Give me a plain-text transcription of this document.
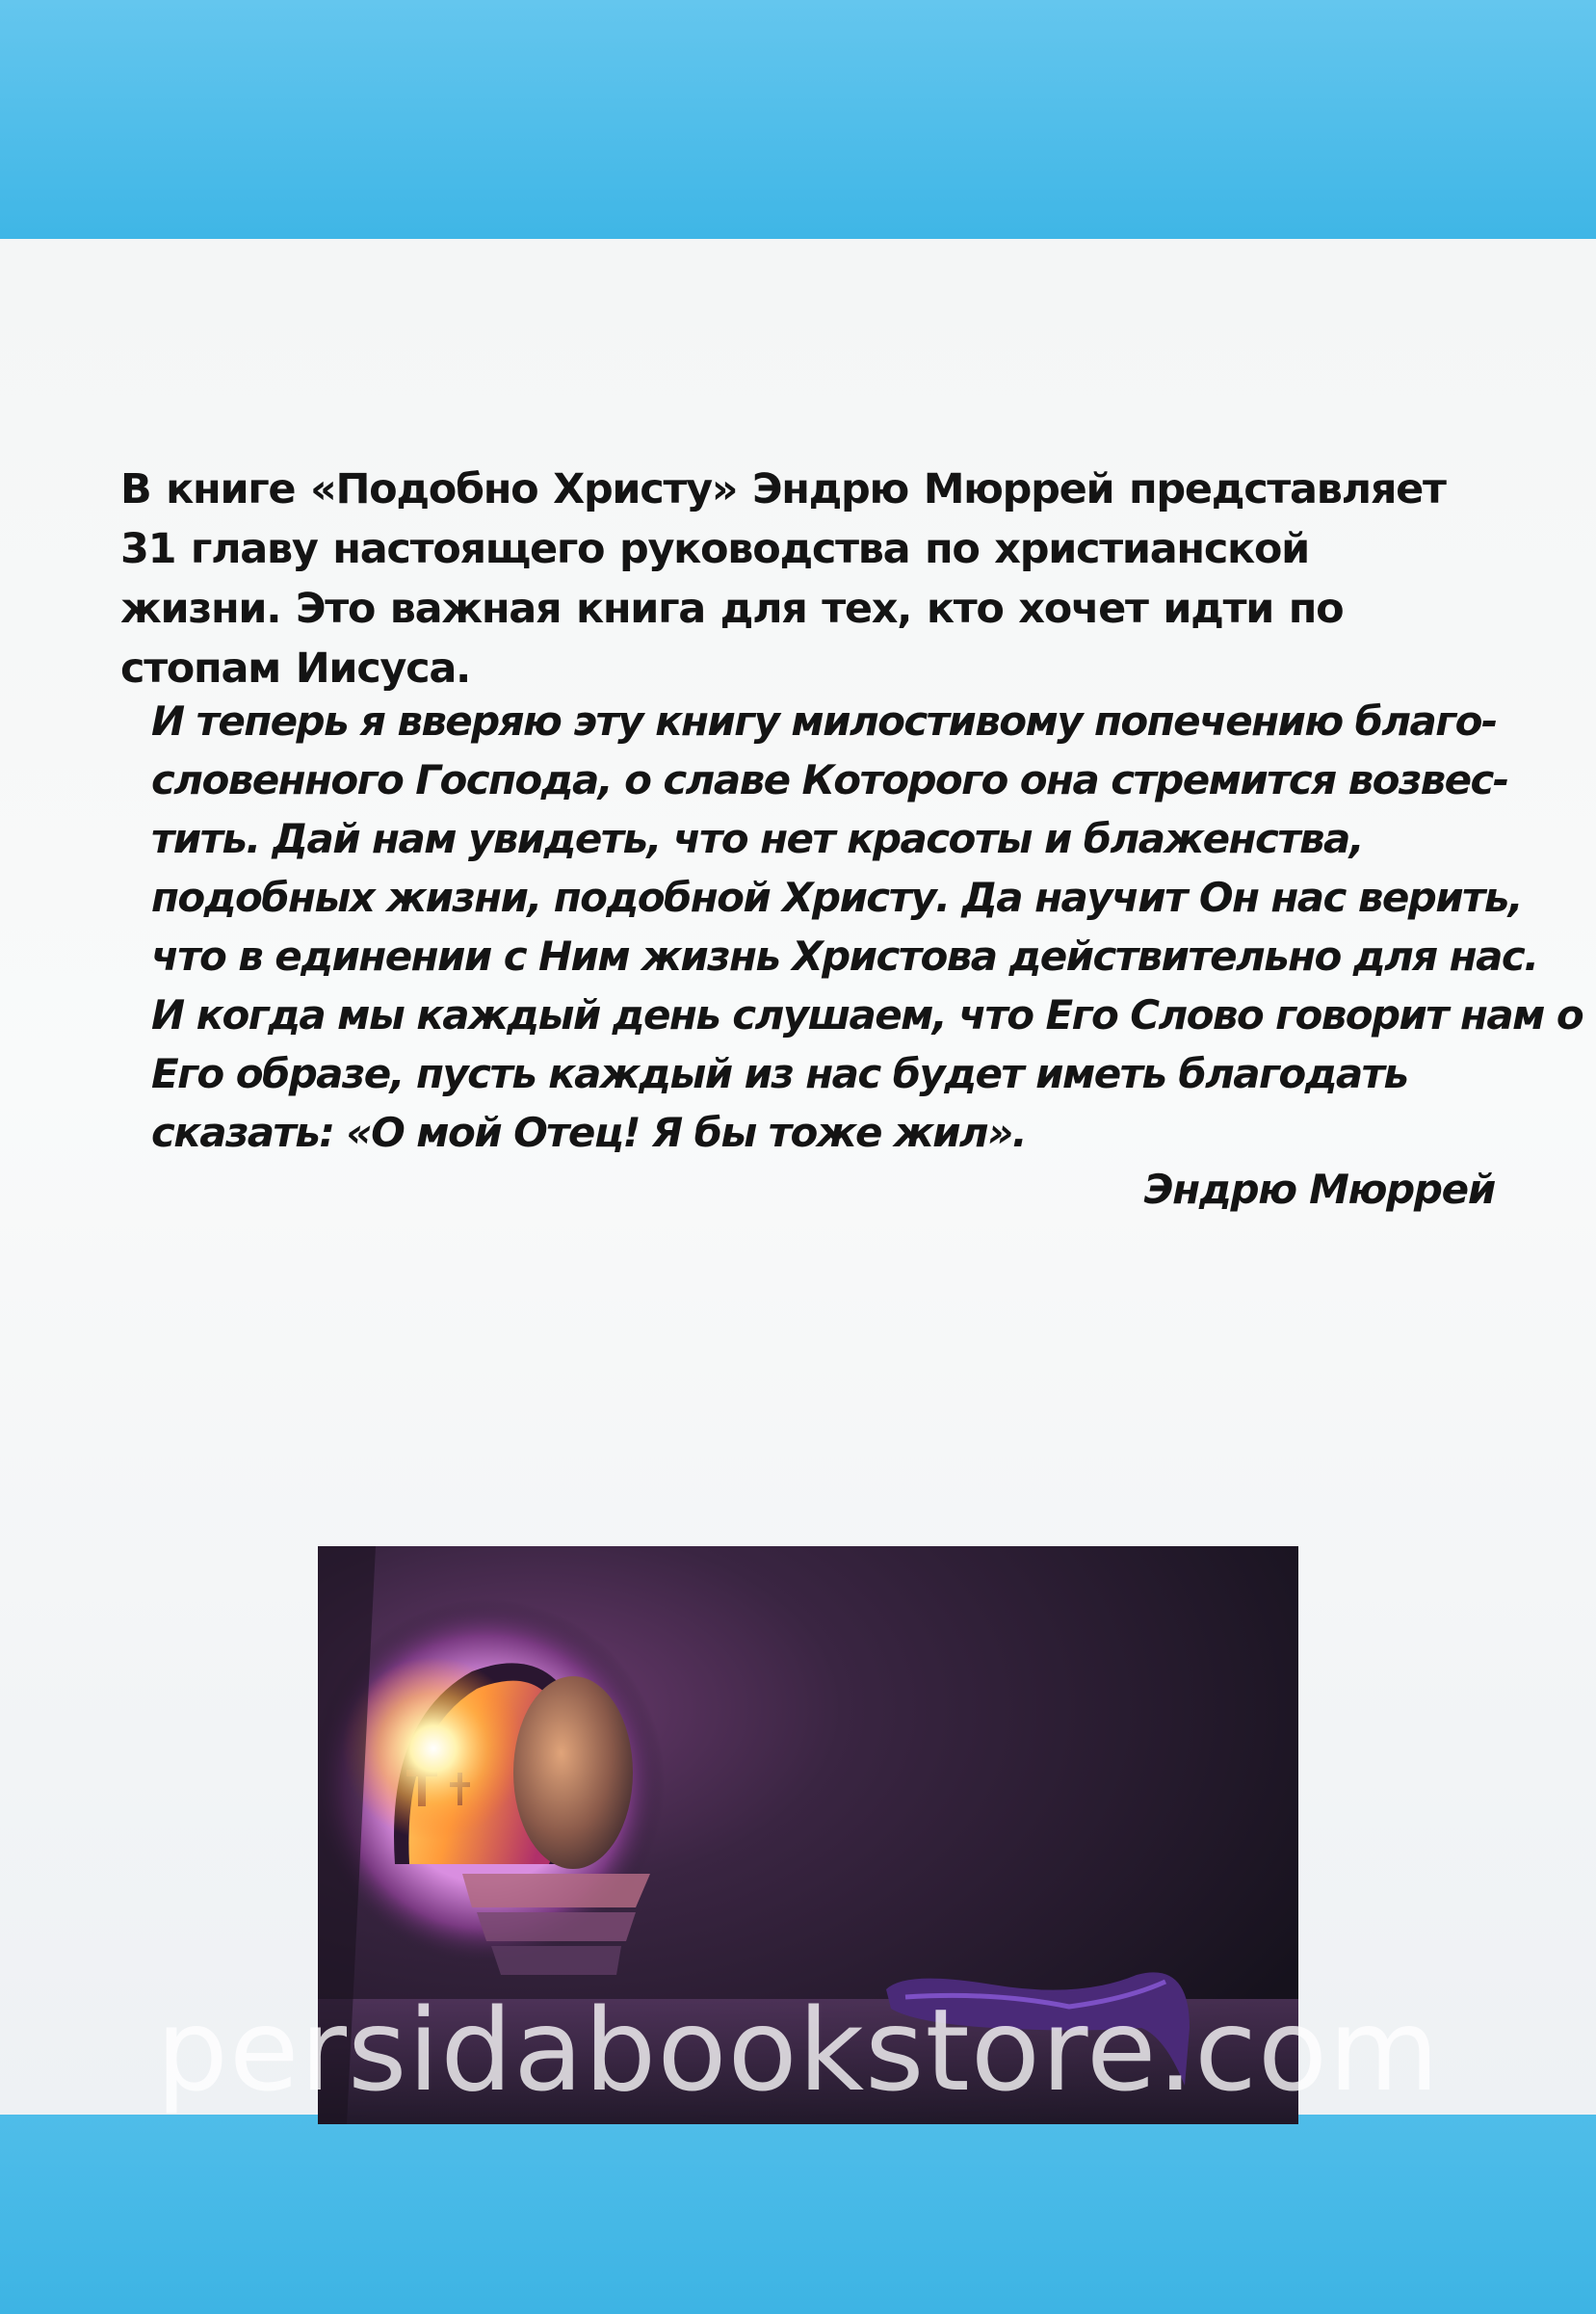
В книге «Подобно Христу» Эндрю Мюррей представляет 31 главу настоящего руководства по христианской жизни. Это важная книга для тех, кто хочет идти по стопам Иисуса.

И теперь я вверяю эту книгу милостивому попечению благо-
словенного Господа, о славе Которого она стремится возвес-
тить. Дай нам увидеть, что нет красоты и блаженства,
подобных жизни, подобной Христу. Да научит Он нас верить,
что в единении с Ним жизнь Христова действительно для нас.
И когда мы каждый день слушаем, что Его Слово говорит нам о
Его образе, пусть каждый из нас будет иметь благодать
сказать: «О мой Отец! Я бы тоже жил».

Эндрю Мюррей

persidabookstore.com
